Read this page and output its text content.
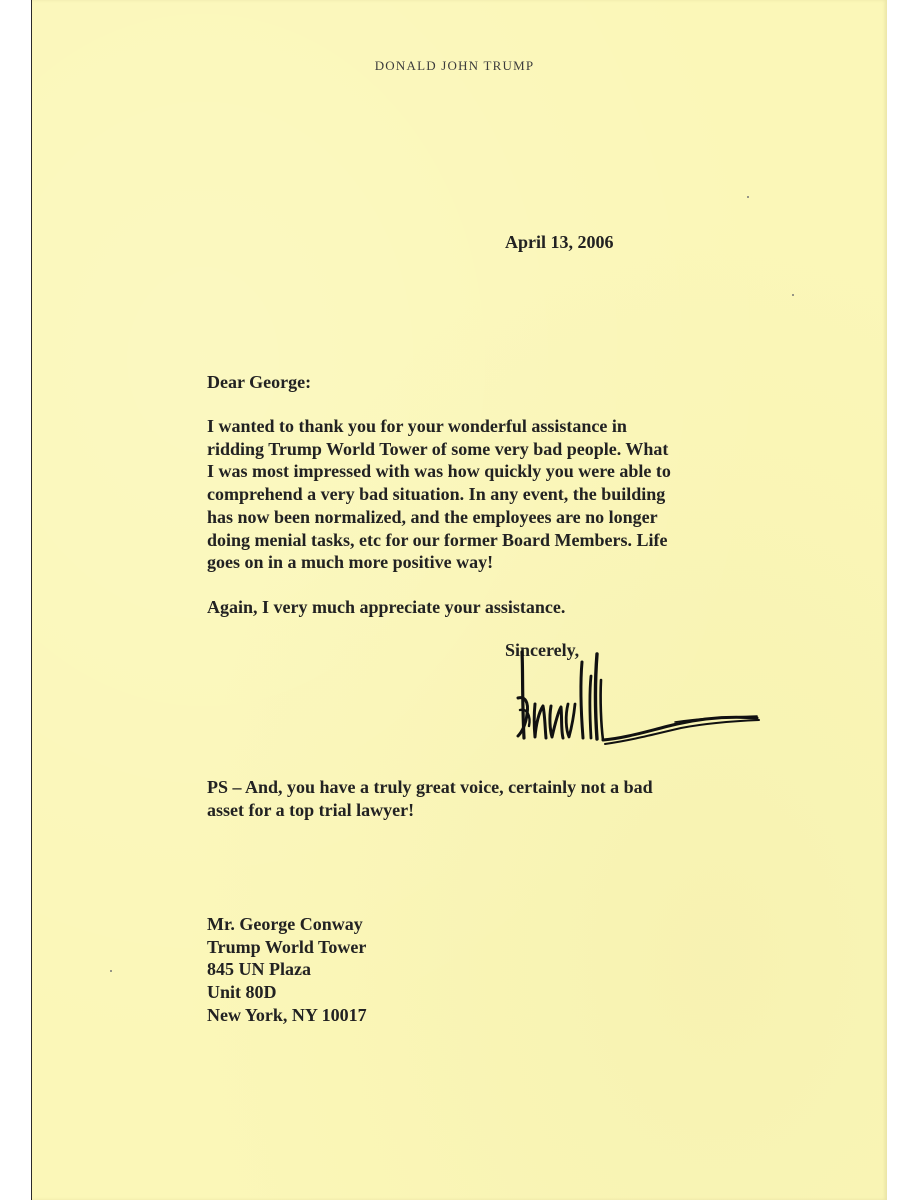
DONALD JOHN TRUMP
April 13, 2006
Dear George:
I wanted to thank you for your wonderful assistance in
ridding Trump World Tower of some very bad people. What
I was most impressed with was how quickly you were able to
comprehend a very bad situation. In any event, the building
has now been normalized, and the employees are no longer
doing menial tasks, etc for our former Board Members. Life
goes on in a much more positive way!
Again, I very much appreciate your assistance.
Sincerely,
PS – And, you have a truly great voice, certainly not a bad
asset for a top trial lawyer!
Mr. George Conway
Trump World Tower
845 UN Plaza
Unit 80D
New York, NY 10017
